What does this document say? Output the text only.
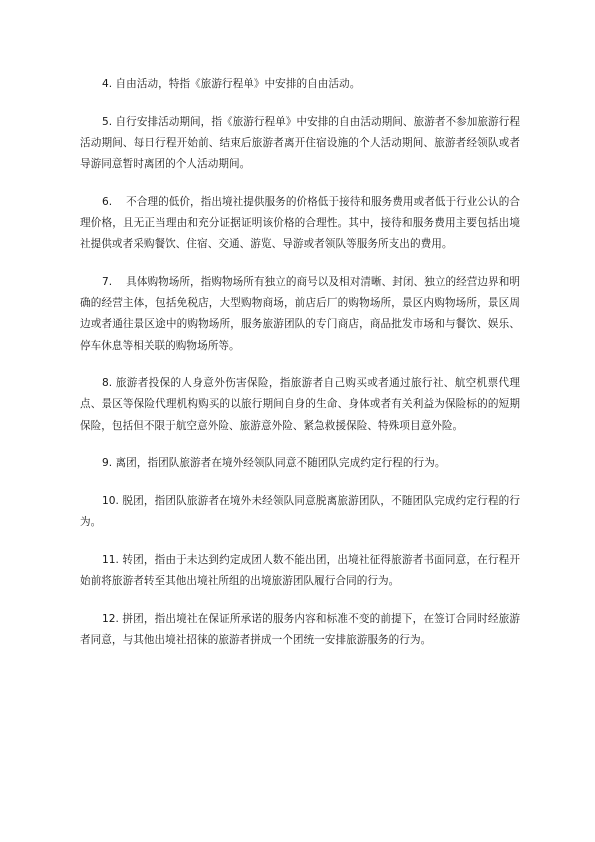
4. 自由活动，特指《旅游行程单》中安排的自由活动。

5. 自行安排活动期间，指《旅游行程单》中安排的自由活动期间、旅游者不参加旅游行程活动期间、每日行程开始前、结束后旅游者离开住宿设施的个人活动期间、旅游者经领队或者导游同意暂时离团的个人活动期间。

6. 　不合理的低价，指出境社提供服务的价格低于接待和服务费用或者低于行业公认的合理价格，且无正当理由和充分证据证明该价格的合理性。其中，接待和服务费用主要包括出境社提供或者采购餐饮、住宿、交通、游览、导游或者领队等服务所支出的费用。

7. 　具体购物场所，指购物场所有独立的商号以及相对清晰、封闭、独立的经营边界和明确的经营主体，包括免税店，大型购物商场，前店后厂的购物场所，景区内购物场所，景区周边或者通往景区途中的购物场所，服务旅游团队的专门商店，商品批发市场和与餐饮、娱乐、停车休息等相关联的购物场所等。

8. 旅游者投保的人身意外伤害保险，指旅游者自己购买或者通过旅行社、航空机票代理点、景区等保险代理机构购买的以旅行期间自身的生命、身体或者有关利益为保险标的的短期保险，包括但不限于航空意外险、旅游意外险、紧急救援保险、特殊项目意外险。

9. 离团，指团队旅游者在境外经领队同意不随团队完成约定行程的行为。

10. 脱团，指团队旅游者在境外未经领队同意脱离旅游团队，不随团队完成约定行程的行为。

11. 转团，指由于未达到约定成团人数不能出团，出境社征得旅游者书面同意，在行程开始前将旅游者转至其他出境社所组的出境旅游团队履行合同的行为。

12. 拼团，指出境社在保证所承诺的服务内容和标准不变的前提下，在签订合同时经旅游者同意，与其他出境社招徕的旅游者拼成一个团统一安排旅游服务的行为。
